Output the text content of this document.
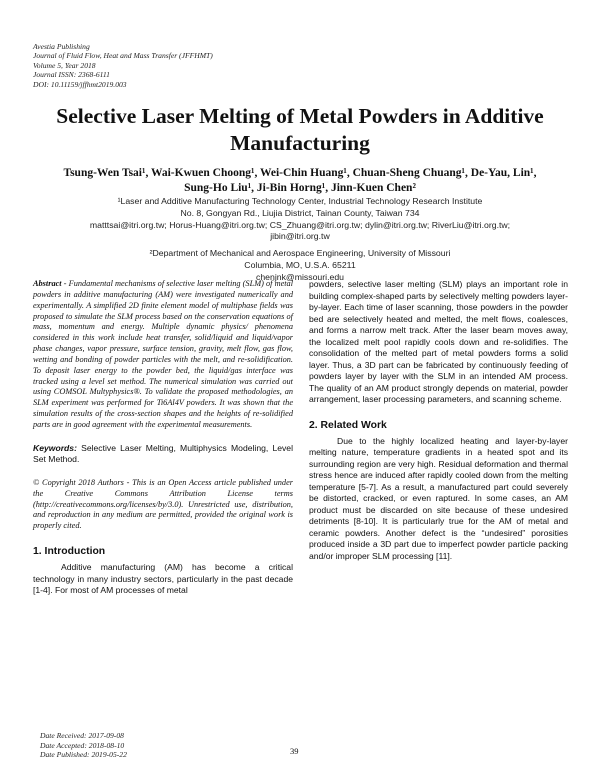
Avestia Publishing
Journal of Fluid Flow, Heat and Mass Transfer (JFFHMT)
Volume 5, Year 2018
Journal ISSN: 2368-6111
DOI: 10.11159/jffhmt2019.003
Selective Laser Melting of Metal Powders in Additive Manufacturing
Tsung-Wen Tsai¹, Wai-Kwuen Choong¹, Wei-Chin Huang¹, Chuan-Sheng Chuang¹, De-Yau, Lin¹,
Sung-Ho Liu¹, Ji-Bin Horng¹, Jinn-Kuen Chen²
¹Laser and Additive Manufacturing Technology Center, Industrial Technology Research Institute
No. 8, Gongyan Rd., Liujia District, Tainan County, Taiwan 734
matttsai@itri.org.tw; Horus-Huang@itri.org.tw; CS_Zhuang@itri.org.tw; dylin@itri.org.tw; RiverLiu@itri.org.tw;
jibin@itri.org.tw
²Department of Mechanical and Aerospace Engineering, University of Missouri
Columbia, MO, U.S.A. 65211
chenjnk@missouri.edu

Abstract - Fundamental mechanisms of selective laser melting (SLM) of metal powders in additive manufacturing (AM) were investigated numerically and experimentally. A simplified 2D finite element model of multiphase fields was proposed to simulate the SLM process based on the conservation equations of mass, momentum and energy. Multiple dynamic physics/ phenomena considered in this work include heat transfer, solid/liquid and liquid/vapor phase changes, vapor pressure, surface tension, gravity, melt flow, gas flow, wetting and bonding of powder particles with the melt, and re-solidification. To deposit laser energy to the powder bed, the liquid/gas interface was tracked using a level set method. The numerical simulation was carried out using COMSOL Multyphysics®. To validate the proposed methodologies, an SLM experiment was performed for Ti6Al4V powders. It was shown that the simulation results of the cross-section shapes and the heights of re-solidified parts are in good agreement with the experimental measurements.

Keywords: Selective Laser Melting, Multiphysics Modeling, Level Set Method.

© Copyright 2018 Authors - This is an Open Access article published under the Creative Commons Attribution License terms (http://creativecommons.org/licenses/by/3.0). Unrestricted use, distribution, and reproduction in any medium are permitted, provided the original work is properly cited.

1. Introduction

Additive manufacturing (AM) has become a critical technology in many industry sectors, particularly in the past decade [1-4]. For most of AM processes of metal

powders, selective laser melting (SLM) plays an important role in building complex-shaped parts by selectively melting powders layer-by-layer. Each time of laser scanning, those powders in the powder bed are selectively heated and melted, the melt flows, coalesces, and forms a narrow melt track. After the laser beam moves away, the localized melt pool rapidly cools down and re-solidifies. The consolidation of the melted part of metal powders forms a solid layer. Thus, a 3D part can be fabricated by continuously feeding of powders layer by layer with the SLM in an intended AM process. The quality of an AM product strongly depends on material, powder arrangement, laser processing parameters, and scanning scheme.

2. Related Work

Due to the highly localized heating and layer-by-layer melting nature, temperature gradients in a heated spot and its surrounding region are very high. Residual deformation and thermal stress hence are induced after rapidly cooled down from the melting temperature [5-7]. As a result, a manufactured part could severely be distorted, cracked, or even raptured. In some cases, an AM product must be discarded on site because of these undesired detriments [8-10]. It is particularly true for the AM of metal and ceramic powders. Another defect is the “undesired” porosities produced inside a 3D part due to imperfect powder particle packing and/or improper SLM processing [11].

Date Received: 2017-09-08
Date Accepted: 2018-08-10
Date Published: 2019-05-22	39
